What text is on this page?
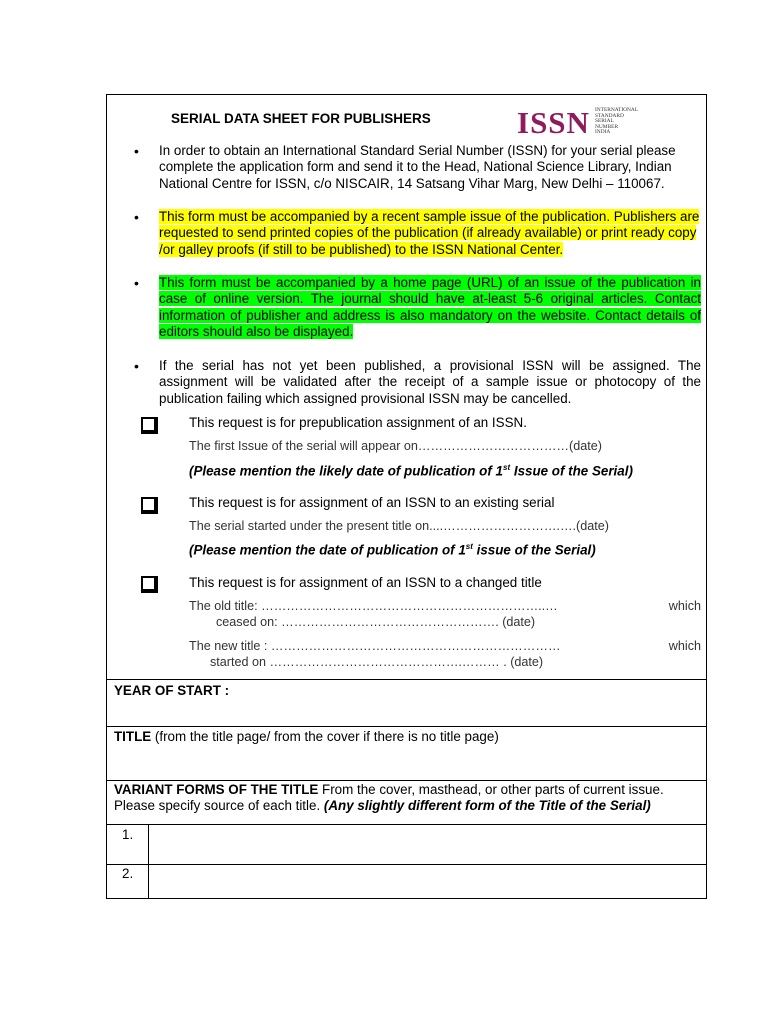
SERIAL DATA SHEET FOR PUBLISHERS	ISSN INTERNATIONAL
STANDARD
SERIAL
NUMBER
INDIA
• In order to obtain an International Standard Serial Number (ISSN) for your serial please complete the application form and send it to the Head, National Science Library, Indian National Centre for ISSN, c/o NISCAIR, 14 Satsang Vihar Marg, New Delhi – 110067.
• This form must be accompanied by a recent sample issue of the publication. Publishers are requested to send printed copies of the publication (if already available) or print ready copy /or galley proofs (if still to be published) to the ISSN National Center.
• This form must be accompanied by a home page (URL) of an issue of the publication in case of online version. The journal should have at-least 5-6 original articles. Contact information of publisher and address is also mandatory on the website. Contact details of editors should also be displayed.
• If the serial has not yet been published, a provisional ISSN will be assigned. The assignment will be validated after the receipt of a sample issue or photocopy of the publication failing which assigned provisional ISSN may be cancelled.
This request is for prepublication assignment of an ISSN.
The first Issue of the serial will appear on………………………………(date)
(Please mention the likely date of publication of 1st Issue of the Serial)
This request is for assignment of an ISSN to an existing serial
The serial started under the present title on....……………………….….(date)
(Please mention the date of publication of 1st issue of the Serial)
This request is for assignment of an ISSN to a changed title
The old title: …………………………………………………………..…	which
ceased on: ……………………………………………. (date)
The new title : ……………………………………………………………	which
started on ……………………………………….……… . (date)
YEAR OF START :
TITLE (from the title page/ from the cover if there is no title page)
VARIANT FORMS OF THE TITLE From the cover, masthead, or other parts of current issue. Please specify source of each title. (Any slightly different form of the Title of the Serial)
1.
2.
